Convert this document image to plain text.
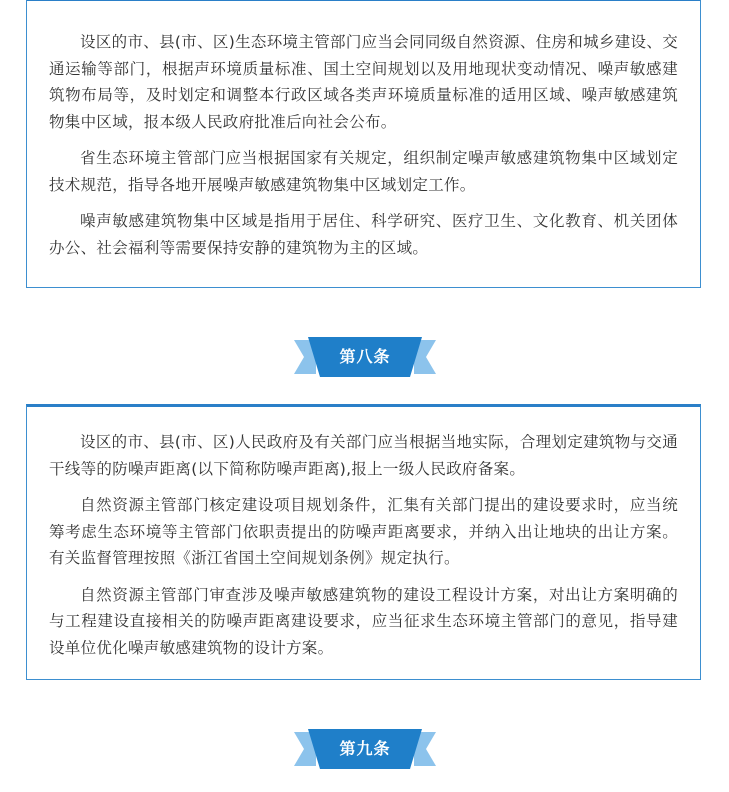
设区的市、县(市、区)生态环境主管部门应当会同同级自然资源、住房和城乡建设、交通运输等部门，根据声环境质量标准、国土空间规划以及用地现状变动情况、噪声敏感建筑物布局等，及时划定和调整本行政区域各类声环境质量标准的适用区域、噪声敏感建筑物集中区域，报本级人民政府批准后向社会公布。

省生态环境主管部门应当根据国家有关规定，组织制定噪声敏感建筑物集中区域划定技术规范，指导各地开展噪声敏感建筑物集中区域划定工作。

噪声敏感建筑物集中区域是指用于居住、科学研究、医疗卫生、文化教育、机关团体办公、社会福利等需要保持安静的建筑物为主的区域。

第八条

设区的市、县(市、区)人民政府及有关部门应当根据当地实际，合理划定建筑物与交通干线等的防噪声距离(以下简称防噪声距离),报上一级人民政府备案。

自然资源主管部门核定建设项目规划条件，汇集有关部门提出的建设要求时，应当统筹考虑生态环境等主管部门依职责提出的防噪声距离要求，并纳入出让地块的出让方案。有关监督管理按照《浙江省国土空间规划条例》规定执行。

自然资源主管部门审查涉及噪声敏感建筑物的建设工程设计方案，对出让方案明确的与工程建设直接相关的防噪声距离建设要求，应当征求生态环境主管部门的意见，指导建设单位优化噪声敏感建筑物的设计方案。

第九条
